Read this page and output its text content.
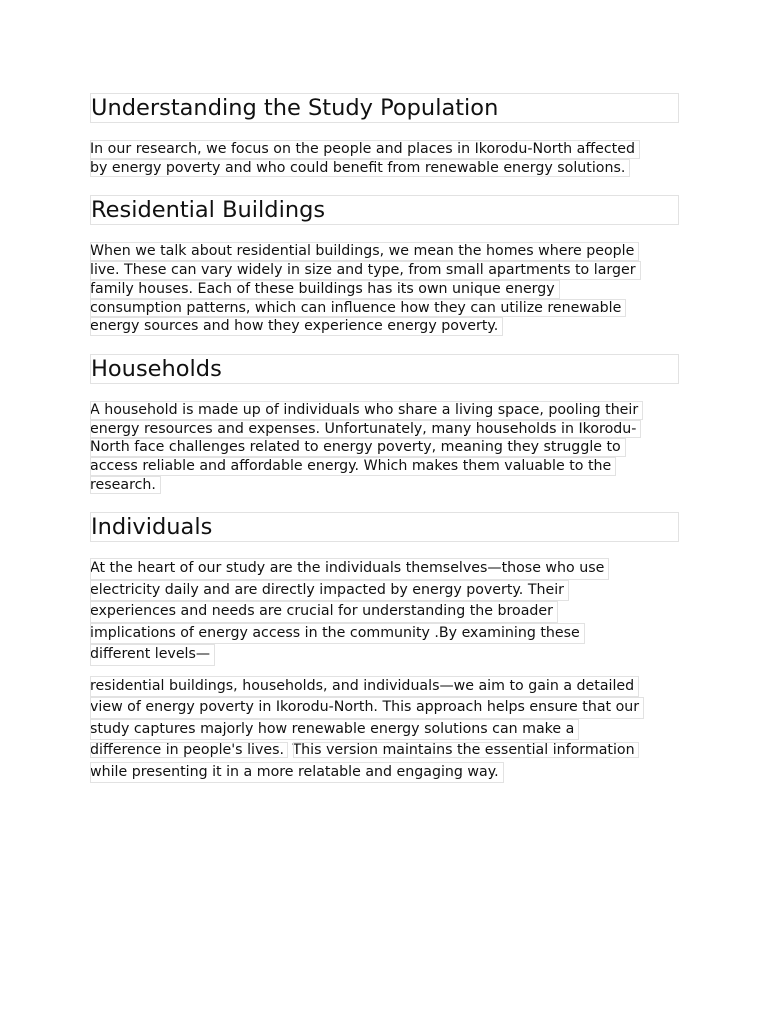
Understanding the Study Population
In our research, we focus on the people and places in Ikorodu-North affected
by energy poverty and who could benefit from renewable energy solutions.
Residential Buildings
When we talk about residential buildings, we mean the homes where people
live. These can vary widely in size and type, from small apartments to larger
family houses. Each of these buildings has its own unique energy
consumption patterns, which can influence how they can utilize renewable
energy sources and how they experience energy poverty.
Households
A household is made up of individuals who share a living space, pooling their
energy resources and expenses. Unfortunately, many households in Ikorodu-
North face challenges related to energy poverty, meaning they struggle to
access reliable and affordable energy. Which makes them valuable to the
research.
Individuals
At the heart of our study are the individuals themselves—those who use
electricity daily and are directly impacted by energy poverty. Their
experiences and needs are crucial for understanding the broader
implications of energy access in the community .By examining these
different levels—
residential buildings, households, and individuals—we aim to gain a detailed
view of energy poverty in Ikorodu-North. This approach helps ensure that our
study captures majorly how renewable energy solutions can make a
difference in people's lives. This version maintains the essential information
while presenting it in a more relatable and engaging way.
